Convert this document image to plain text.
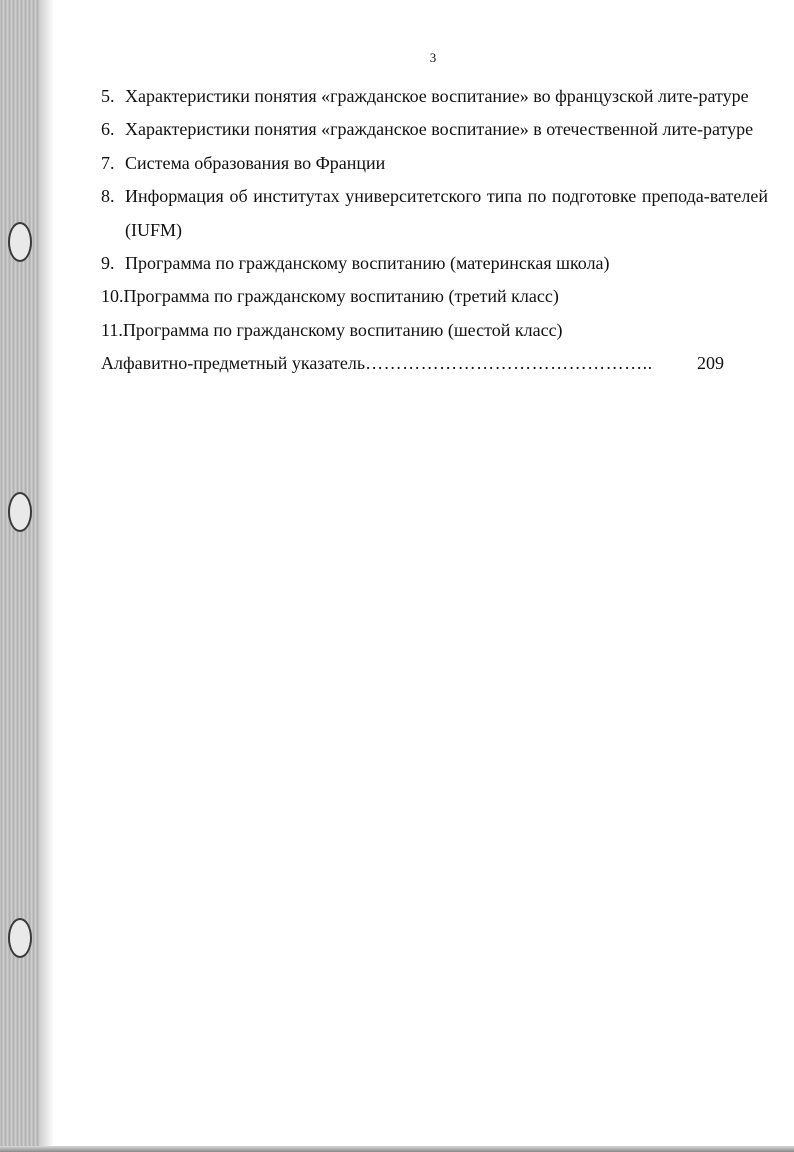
3
5. Характеристики понятия «гражданское воспитание» во французской лите-ратуре
6. Характеристики понятия «гражданское воспитание» в отечественной лите-ратуре
7. Система образования во Франции
8. Информация об институтах университетского типа по подготовке препода-вателей (IUFM)
9. Программа по гражданскому воспитанию (материнская школа)
10. Программа по гражданскому воспитанию (третий класс)
11. Программа по гражданскому воспитанию (шестой класс)
Алфавитно-предметный указатель ……………………………………….. 209
